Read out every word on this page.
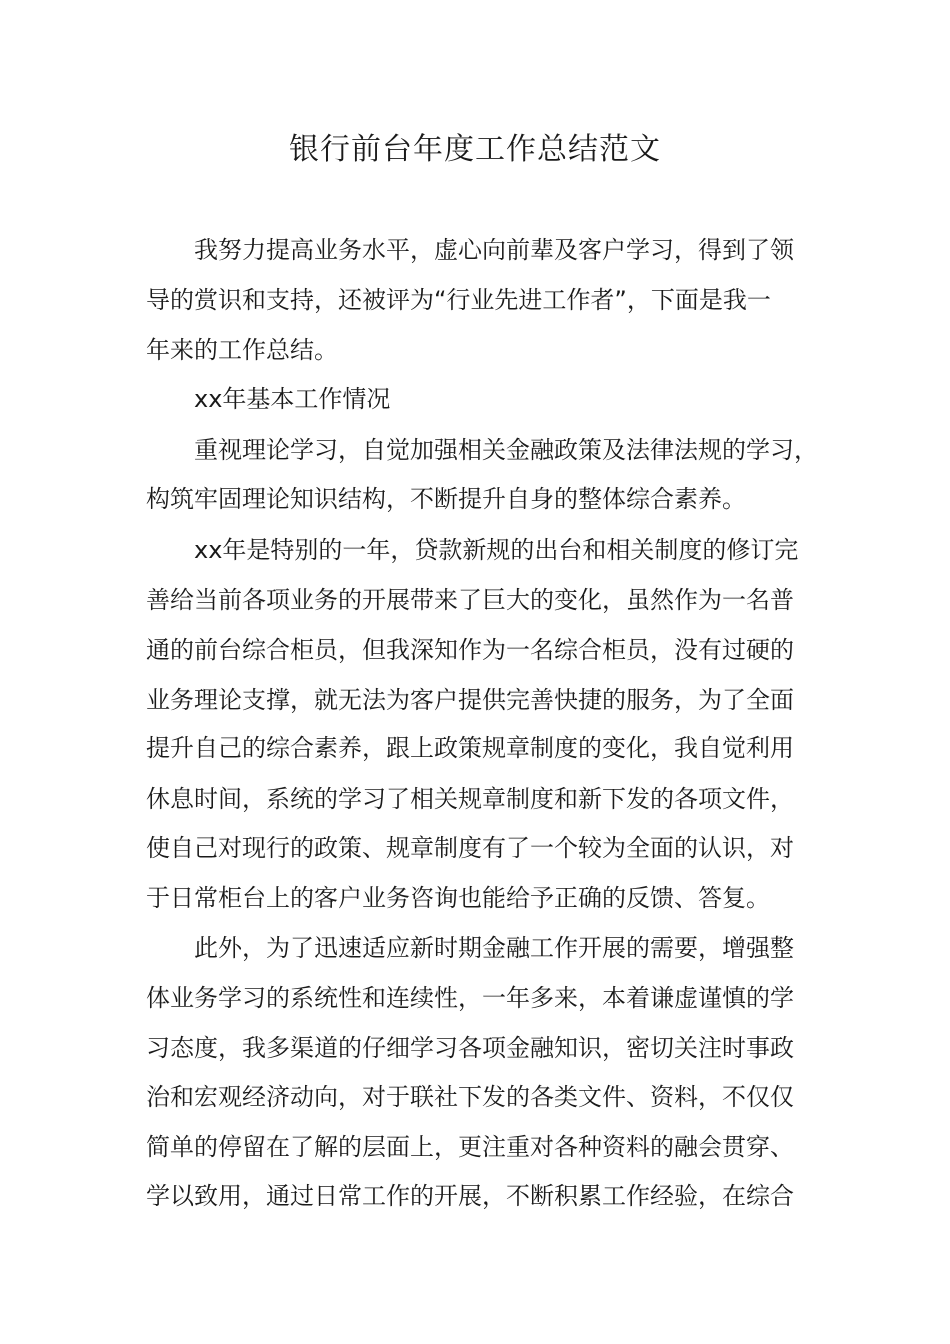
银行前台年度工作总结范文
我努力提高业务水平，虚心向前辈及客户学习，得到了领
导的赏识和支持，还被评为“行业先进工作者”，下面是我一
年来的工作总结。
xx年基本工作情况
重视理论学习，自觉加强相关金融政策及法律法规的学习，
构筑牢固理论知识结构，不断提升自身的整体综合素养。
xx年是特别的一年，贷款新规的出台和相关制度的修订完
善给当前各项业务的开展带来了巨大的变化，虽然作为一名普
通的前台综合柜员，但我深知作为一名综合柜员，没有过硬的
业务理论支撑，就无法为客户提供完善快捷的服务，为了全面
提升自己的综合素养，跟上政策规章制度的变化，我自觉利用
休息时间，系统的学习了相关规章制度和新下发的各项文件，
使自己对现行的政策、规章制度有了一个较为全面的认识，对
于日常柜台上的客户业务咨询也能给予正确的反馈、答复。
此外，为了迅速适应新时期金融工作开展的需要，增强整
体业务学习的系统性和连续性，一年多来，本着谦虚谨慎的学
习态度，我多渠道的仔细学习各项金融知识，密切关注时事政
治和宏观经济动向，对于联社下发的各类文件、资料，不仅仅
简单的停留在了解的层面上，更注重对各种资料的融会贯穿、
学以致用，通过日常工作的开展，不断积累工作经验，在综合
